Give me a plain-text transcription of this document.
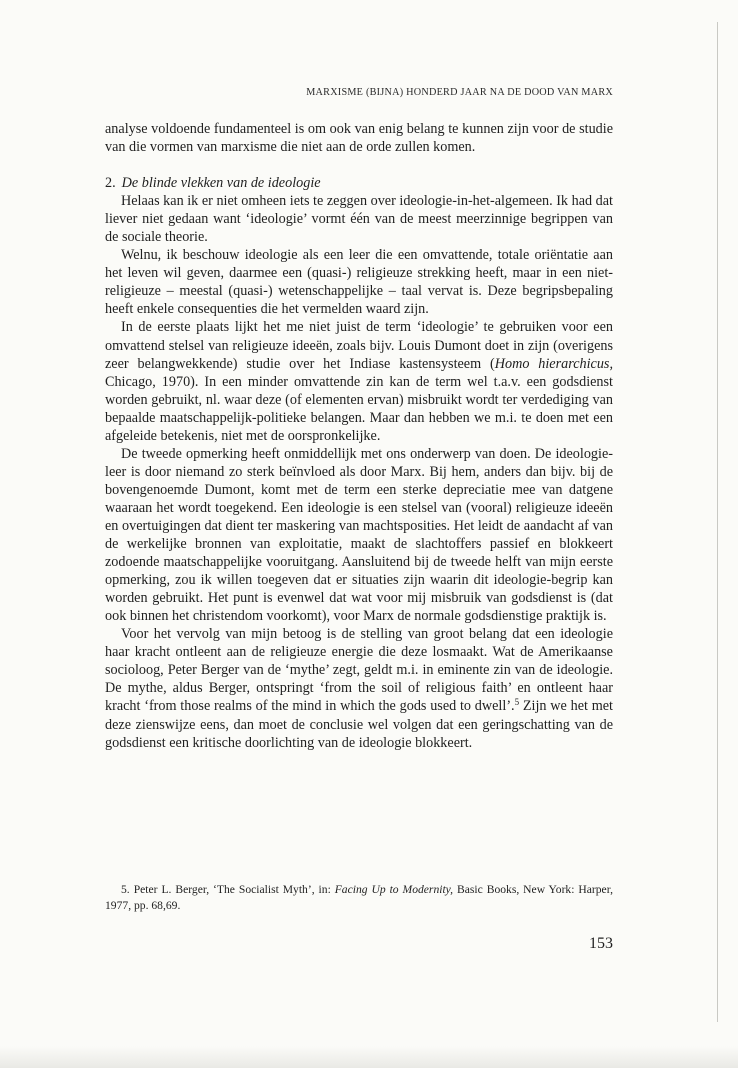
MARXISME (BIJNA) HONDERD JAAR NA DE DOOD VAN MARX

analyse voldoende fundamenteel is om ook van enig belang te kunnen zijn voor de studie van die vormen van marxisme die niet aan de orde zullen komen.

2. De blinde vlekken van de ideologie

Helaas kan ik er niet omheen iets te zeggen over ideologie-in-het-algemeen. Ik had dat liever niet gedaan want ‘ideologie’ vormt één van de meest meerzinnige begrippen van de sociale theorie.

Welnu, ik beschouw ideologie als een leer die een omvattende, totale oriëntatie aan het leven wil geven, daarmee een (quasi-) religieuze strekking heeft, maar in een niet-religieuze – meestal (quasi-) wetenschappelijke – taal vervat is. Deze begripsbepaling heeft enkele consequenties die het vermelden waard zijn.

In de eerste plaats lijkt het me niet juist de term ‘ideologie’ te gebruiken voor een omvattend stelsel van religieuze ideeën, zoals bijv. Louis Dumont doet in zijn (overigens zeer belangwekkende) studie over het Indiase kastensysteem (Homo hierarchicus, Chicago, 1970). In een minder omvattende zin kan de term wel t.a.v. een godsdienst worden gebruikt, nl. waar deze (of elementen ervan) misbruikt wordt ter verdediging van bepaalde maatschappelijk-politieke belangen. Maar dan hebben we m.i. te doen met een afgeleide betekenis, niet met de oorspronkelijke.

De tweede opmerking heeft onmiddellijk met ons onderwerp van doen. De ideologie-leer is door niemand zo sterk beïnvloed als door Marx. Bij hem, anders dan bijv. bij de bovengenoemde Dumont, komt met de term een sterke depreciatie mee van datgene waaraan het wordt toegekend. Een ideologie is een stelsel van (vooral) religieuze ideeën en overtuigingen dat dient ter maskering van machtsposities. Het leidt de aandacht af van de werkelijke bronnen van exploitatie, maakt de slachtoffers passief en blokkeert zodoende maatschappelijke vooruitgang. Aansluitend bij de tweede helft van mijn eerste opmerking, zou ik willen toegeven dat er situaties zijn waarin dit ideologie-begrip kan worden gebruikt. Het punt is evenwel dat wat voor mij misbruik van godsdienst is (dat ook binnen het christendom voorkomt), voor Marx de normale godsdienstige praktijk is.

Voor het vervolg van mijn betoog is de stelling van groot belang dat een ideologie haar kracht ontleent aan de religieuze energie die deze losmaakt. Wat de Amerikaanse socioloog, Peter Berger van de ‘mythe’ zegt, geldt m.i. in eminente zin van de ideologie. De mythe, aldus Berger, ontspringt ‘from the soil of religious faith’ en ontleent haar kracht ‘from those realms of the mind in which the gods used to dwell’.$^5$ Zijn we het met deze zienswijze eens, dan moet de conclusie wel volgen dat een geringschatting van de godsdienst een kritische doorlichting van de ideologie blokkeert.

5. Peter L. Berger, ‘The Socialist Myth’, in: Facing Up to Modernity, Basic Books, New York: Harper, 1977, pp. 68,69.
153
